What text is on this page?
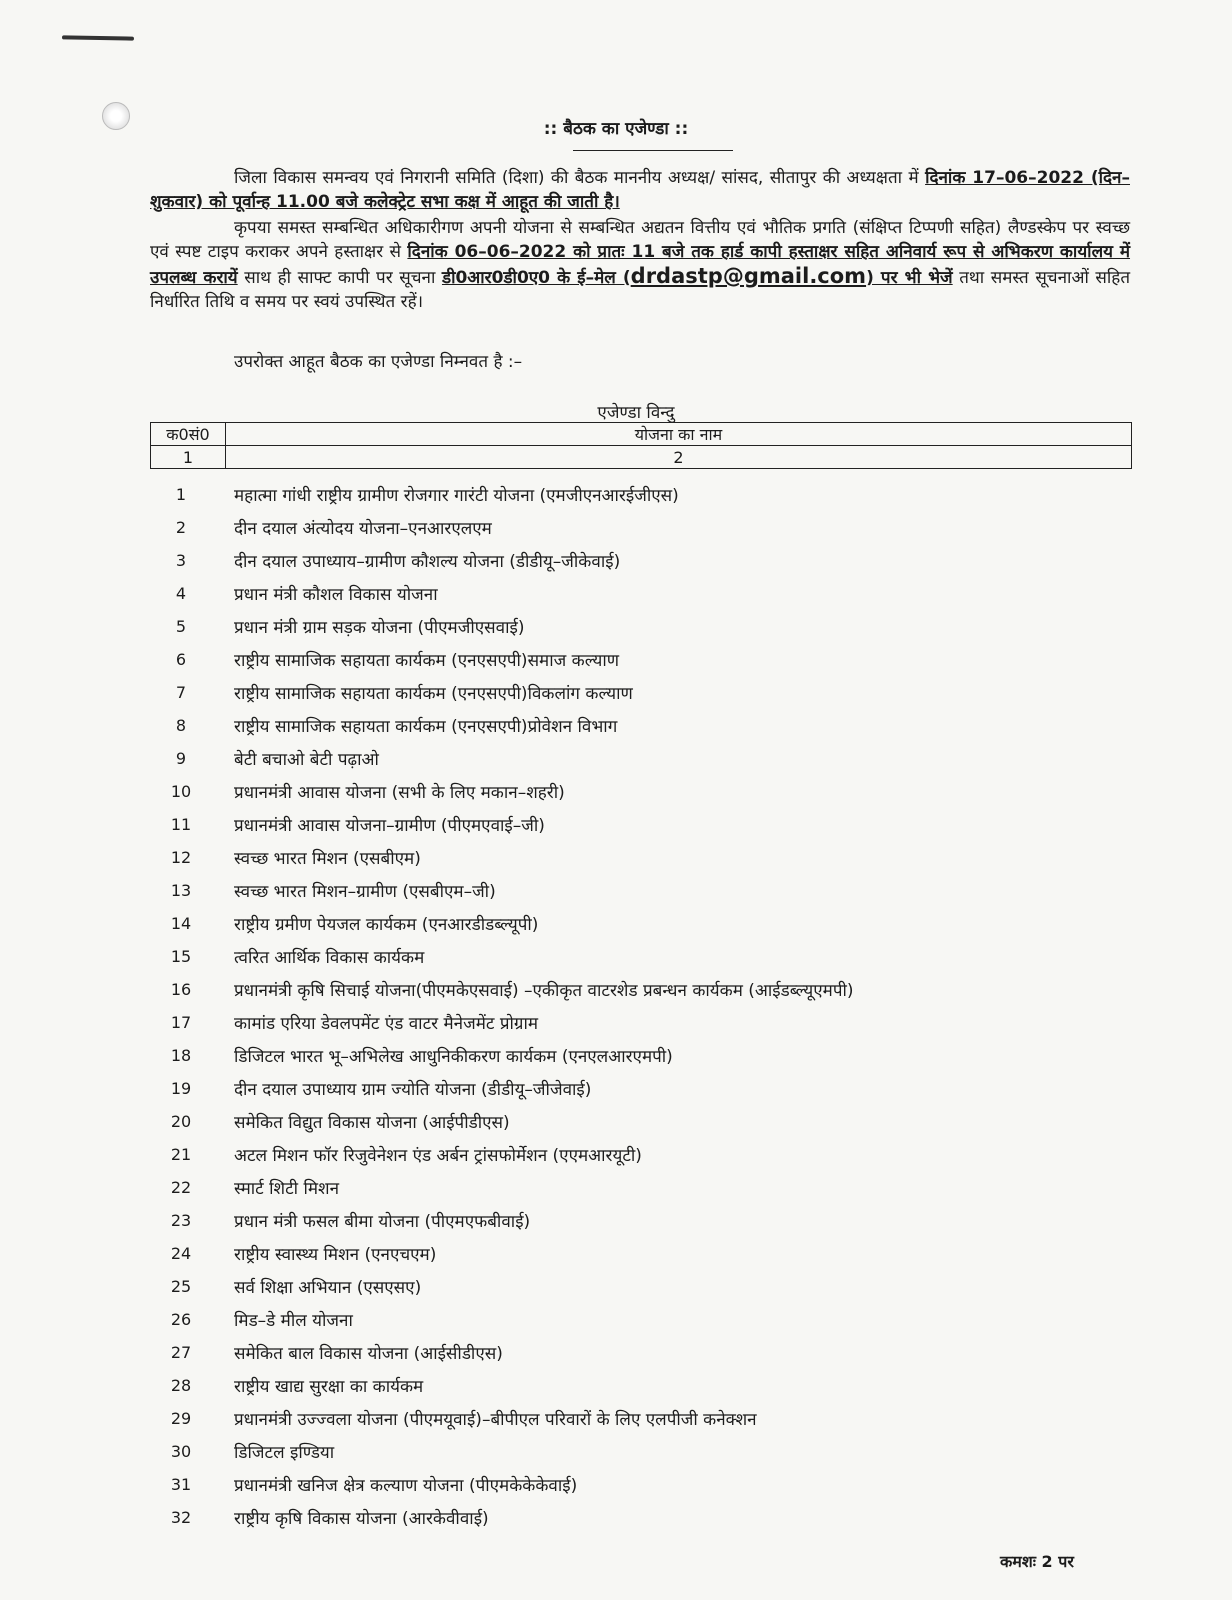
:: बैठक का एजेण्डा ::
जिला विकास समन्वय एवं निगरानी समिति (दिशा) की बैठक माननीय अध्यक्ष/ सांसद, सीतापुर की अध्यक्षता में दिनांक 17–06–2022 (दिन–शुकवार) को पूर्वान्ह 11.00 बजे कलेक्ट्रेट सभा कक्ष में आहूत की जाती है।
कृपया समस्त सम्बन्धित अधिकारीगण अपनी योजना से सम्बन्धित अद्यतन वित्तीय एवं भौतिक प्रगति (संक्षिप्त टिप्पणी सहित) लैण्डस्केप पर स्वच्छ एवं स्पष्ट टाइप कराकर अपने हस्ताक्षर से दिनांक 06–06–2022 को प्रातः 11 बजे तक हार्ड कापी हस्ताक्षर सहित अनिवार्य रूप से अभिकरण कार्यालय में उपलब्ध करायें साथ ही साफ्ट कापी पर सूचना डी0आर0डी0ए0 के ई–मेल (drdastp@gmail.com) पर भी भेजें तथा समस्त सूचनाओं सहित निर्धारित तिथि व समय पर स्वयं उपस्थित रहें।
उपरोक्त आहूत बैठक का एजेण्डा निम्नवत है :–
एजेण्डा विन्दु
क0सं0	योजना का नाम
1	2
1	महात्मा गांधी राष्ट्रीय ग्रामीण रोजगार गारंटी योजना (एमजीएनआरईजीएस)
2	दीन दयाल अंत्योदय योजना–एनआरएलएम
3	दीन दयाल उपाध्याय–ग्रामीण कौशल्य योजना (डीडीयू–जीकेवाई)
4	प्रधान मंत्री कौशल विकास योजना
5	प्रधान मंत्री ग्राम सड़क योजना (पीएमजीएसवाई)
6	राष्ट्रीय सामाजिक सहायता कार्यकम (एनएसएपी)समाज कल्याण
7	राष्ट्रीय सामाजिक सहायता कार्यकम (एनएसएपी)विकलांग कल्याण
8	राष्ट्रीय सामाजिक सहायता कार्यकम (एनएसएपी)प्रोवेशन विभाग
9	बेटी बचाओ बेटी पढ़ाओ
10	प्रधानमंत्री आवास योजना (सभी के लिए मकान–शहरी)
11	प्रधानमंत्री आवास योजना–ग्रामीण (पीएमएवाई–जी)
12	स्वच्छ भारत मिशन (एसबीएम)
13	स्वच्छ भारत मिशन–ग्रामीण (एसबीएम–जी)
14	राष्ट्रीय ग्रमीण पेयजल कार्यकम (एनआरडीडब्ल्यूपी)
15	त्वरित आर्थिक विकास कार्यकम
16	प्रधानमंत्री कृषि सिचाई योजना(पीएमकेएसवाई) –एकीकृत वाटरशेड प्रबन्धन कार्यकम (आईडब्ल्यूएमपी)
17	कामांड एरिया डेवलपमेंट एंड वाटर मैनेजमेंट प्रोग्राम
18	डिजिटल भारत भू–अभिलेख आधुनिकीकरण कार्यकम (एनएलआरएमपी)
19	दीन दयाल उपाध्याय ग्राम ज्योति योजना (डीडीयू–जीजेवाई)
20	समेकित विद्युत विकास योजना (आईपीडीएस)
21	अटल मिशन फॉर रिजुवेनेशन एंड अर्बन ट्रांसफोर्मेशन (एएमआरयूटी)
22	स्मार्ट शिटी मिशन
23	प्रधान मंत्री फसल बीमा योजना (पीएमएफबीवाई)
24	राष्ट्रीय स्वास्थ्य मिशन (एनएचएम)
25	सर्व शिक्षा अभियान (एसएसए)
26	मिड–डे मील योजना
27	समेकित बाल विकास योजना (आईसीडीएस)
28	राष्ट्रीय खाद्य सुरक्षा का कार्यकम
29	प्रधानमंत्री उज्ज्वला योजना (पीएमयूवाई)–बीपीएल परिवारों के लिए एलपीजी कनेक्शन
30	डिजिटल इण्डिया
31	प्रधानमंत्री खनिज क्षेत्र कल्याण योजना (पीएमकेकेकेवाई)
32	राष्ट्रीय कृषि विकास योजना (आरकेवीवाई)
कमशः 2 पर
